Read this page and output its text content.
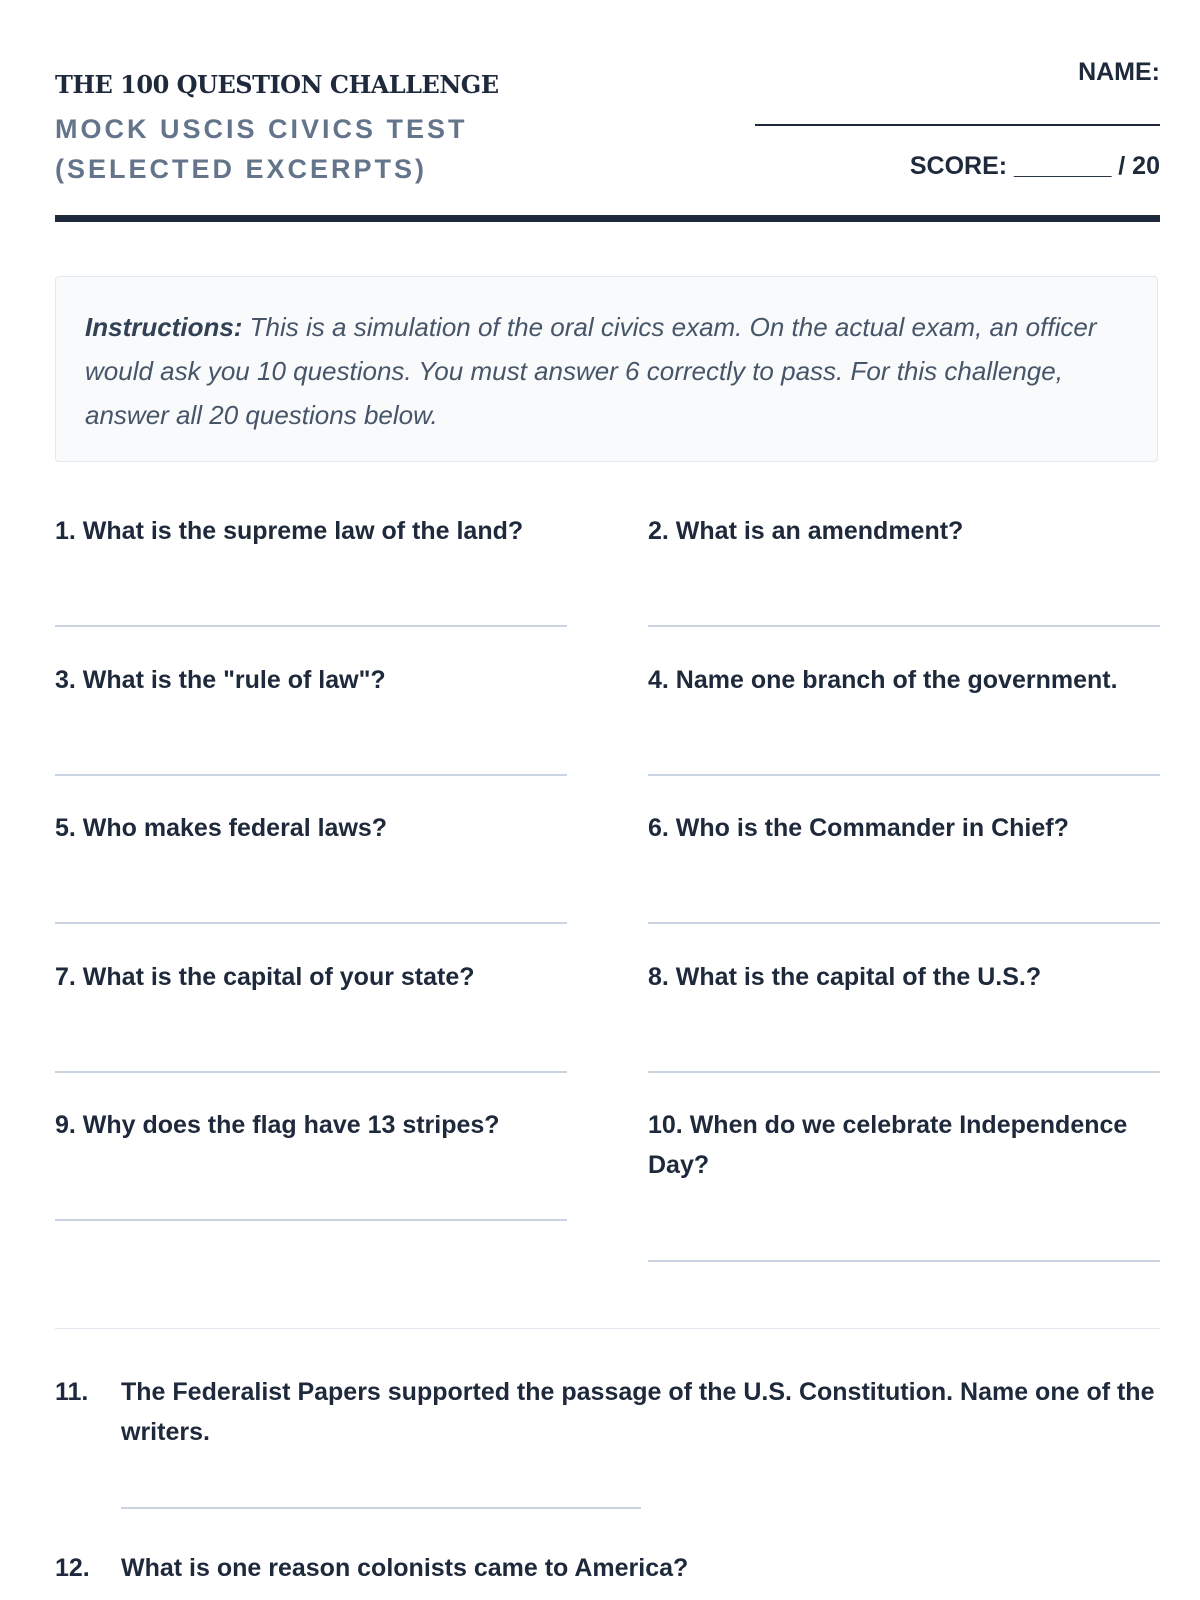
THE 100 QUESTION CHALLENGE
MOCK USCIS CIVICS TEST (SELECTED EXCERPTS)
NAME:
SCORE: _______ / 20
Instructions: This is a simulation of the oral civics exam. On the actual exam, an officer would ask you 10 questions. You must answer 6 correctly to pass. For this challenge, answer all 20 questions below.
1. What is the supreme law of the land?	2. What is an amendment?
3. What is the "rule of law"?	4. Name one branch of the government.
5. Who makes federal laws?	6. Who is the Commander in Chief?
7. What is the capital of your state?	8. What is the capital of the U.S.?
9. Why does the flag have 13 stripes?	10. When do we celebrate Independence Day?
11. The Federalist Papers supported the passage of the U.S. Constitution. Name one of the writers.
12. What is one reason colonists came to America?
